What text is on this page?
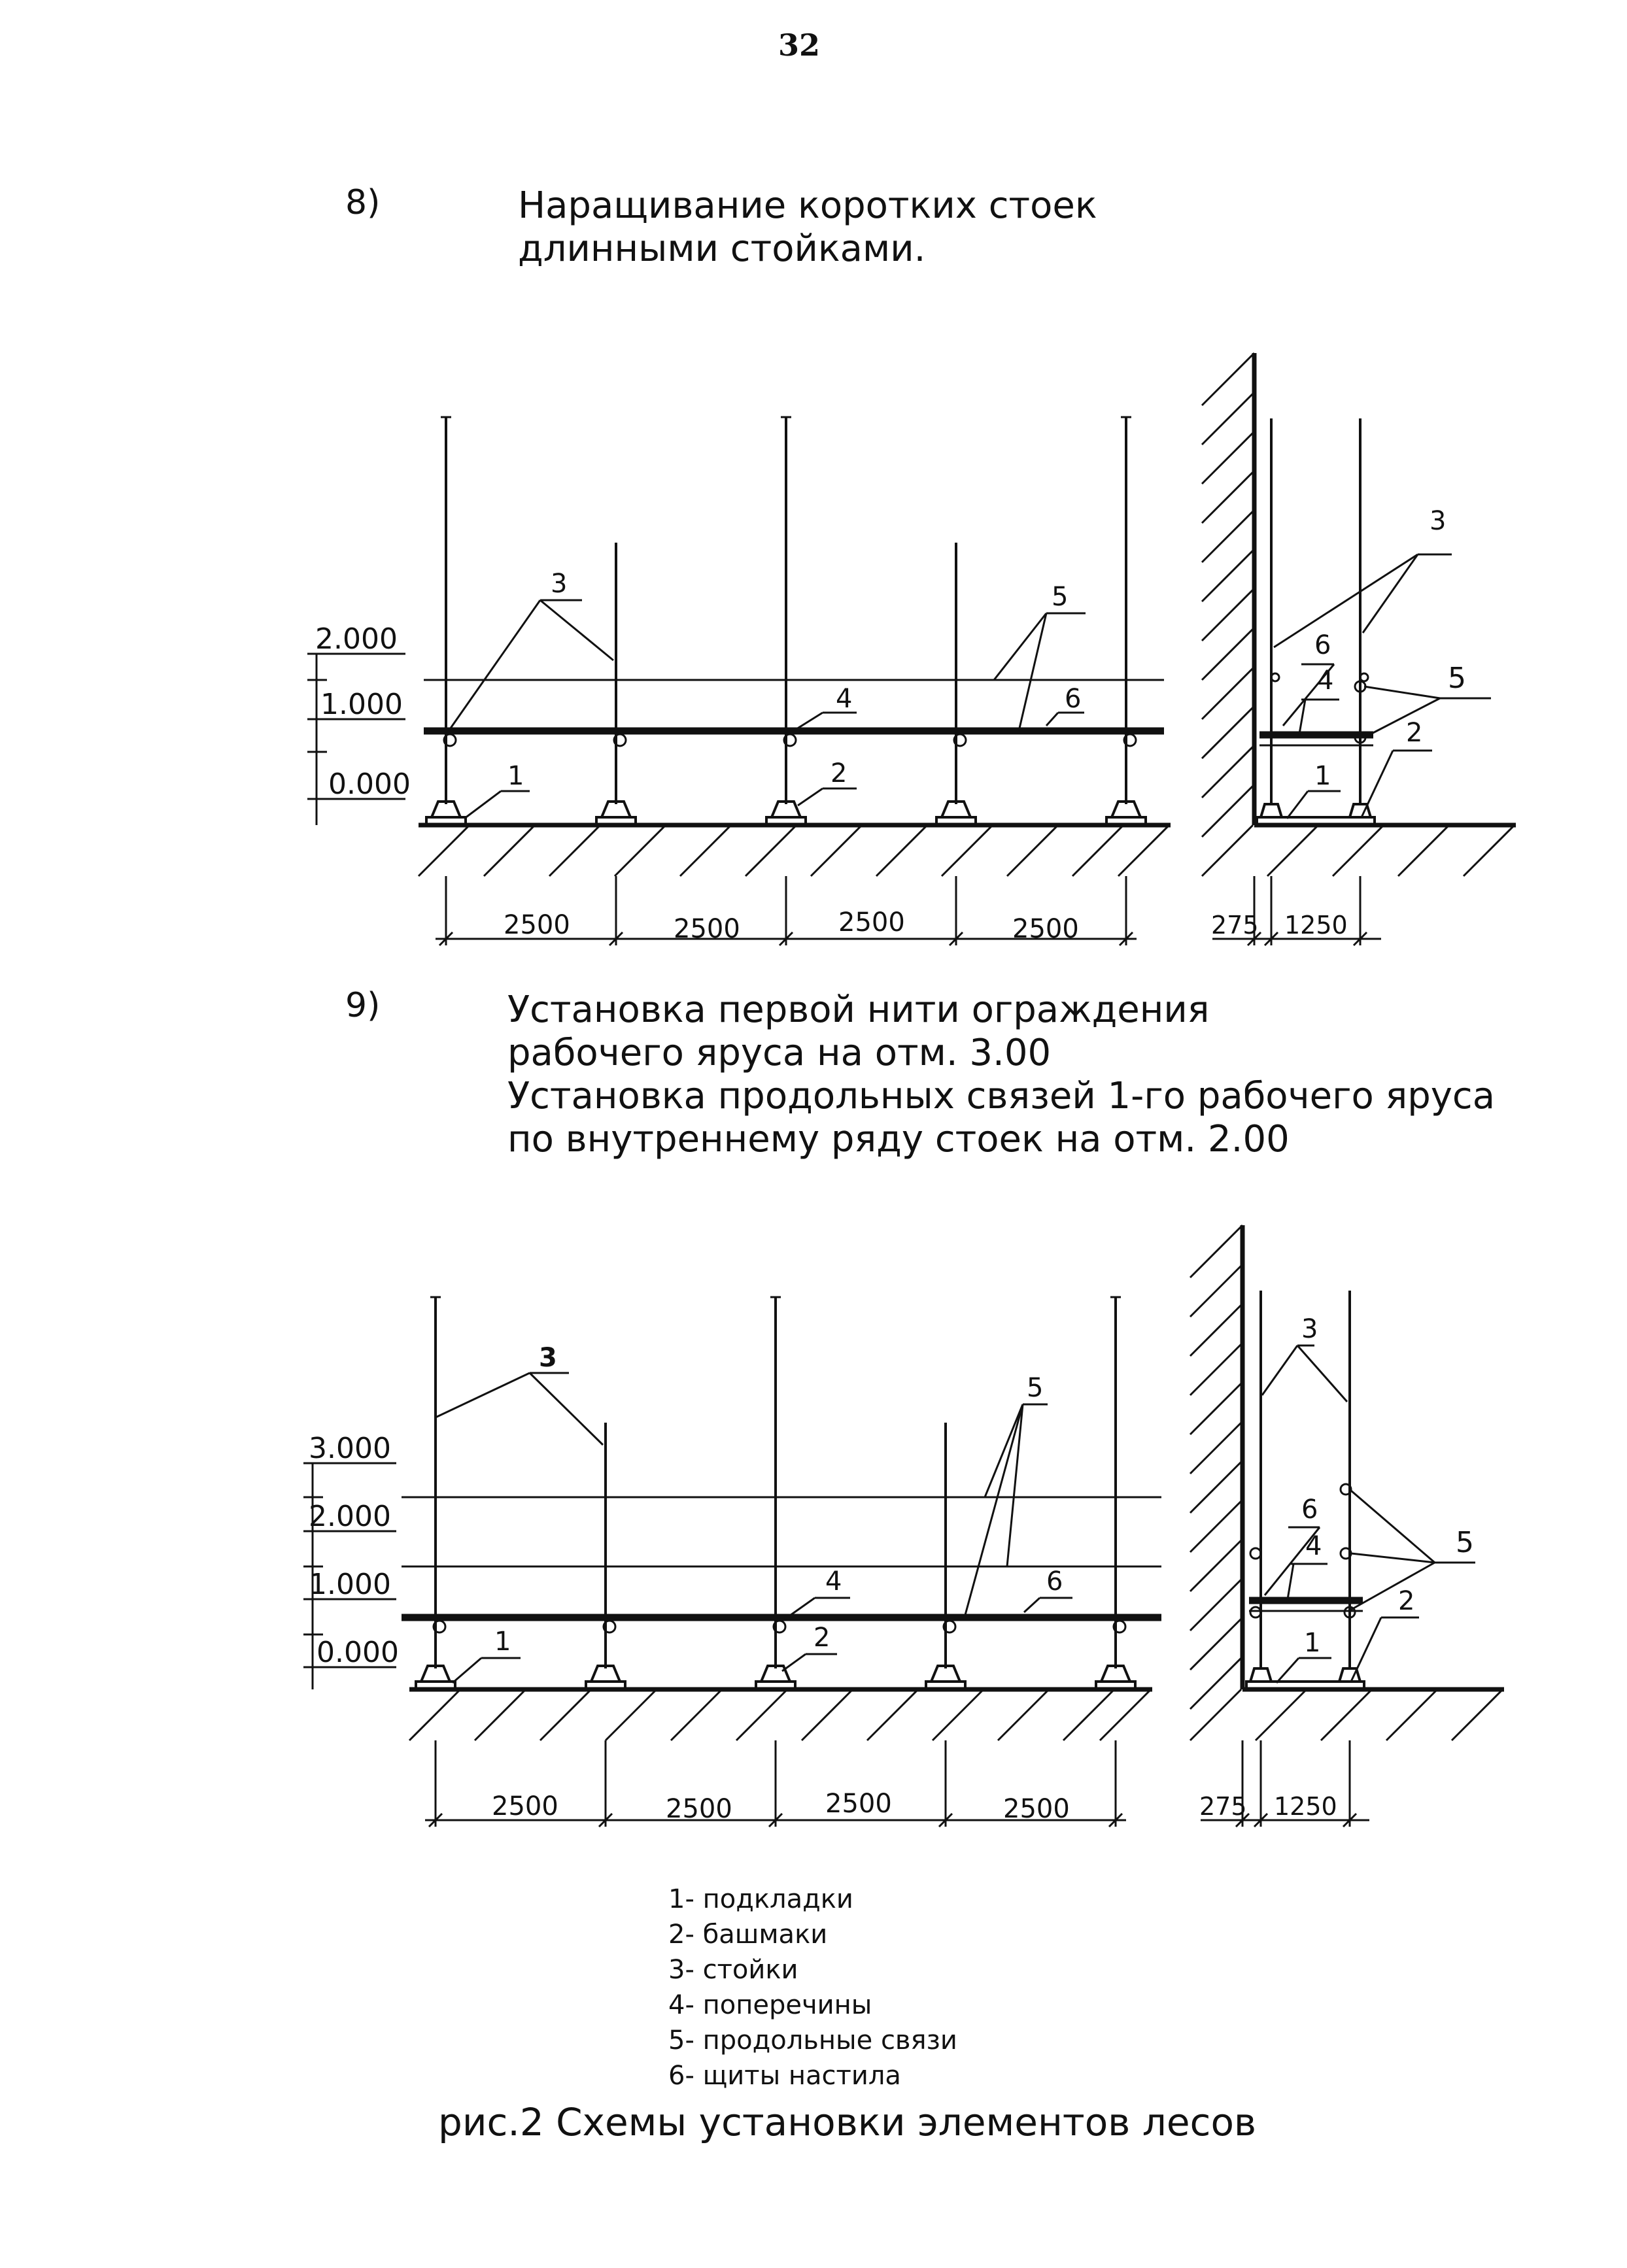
32
8)	Наращивание коротких стоек
длинными стойками.
9)	Установка первой нити ограждения
рабочего яруса на отм. 3.00
Установка продольных связей 1-го рабочего яруса
по внутреннему ряду стоек на отм. 2.00
2.000
1.000
0.000
3	5
4	6
1	2
2500	2500	2500	2500
3
6
4	5
2
1
275 1250
3.000
2.000
1.000
0.000
3
5
4	6
1	2
2500	2500	2500	2500
3
6
4	5
2
1
275 1250
1- подкладки
2- башмаки
3- стойки
4- поперечины
5- продольные связи
6- щиты настила
рис.2 Схемы установки элементов лесов
